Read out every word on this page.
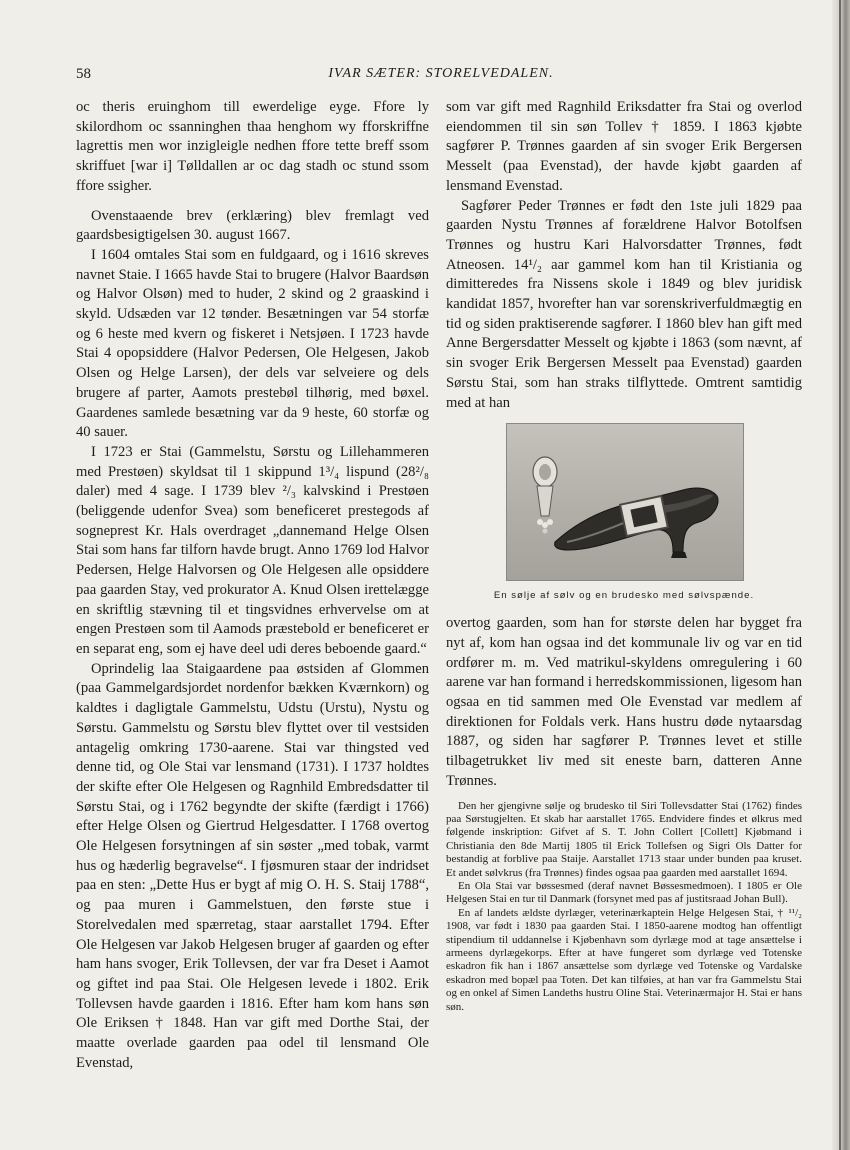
58	IVAR SÆTER: STORELVEDALEN.

oc theris eruinghom till ewerdelige eyge. Ffore ly skilordhom oc ssanninghen thaa henghom wy fforskriffne lagrettis men wor inzigleigle nedhen ffore tette breff ssom skriffuet [war i] Tølldallen ar oc dag stadh oc stund ssom ffore ssigher.

Ovenstaaende brev (erklæring) blev fremlagt ved gaardsbesigtigelsen 30. august 1667.

I 1604 omtales Stai som en fuldgaard, og i 1616 skreves navnet Staie. I 1665 havde Stai to brugere (Halvor Baardsøn og Halvor Olsøn) med to huder, 2 skind og 2 graaskind i skyld. Udsæden var 12 tønder. Besætningen var 54 storfæ og 6 heste med kvern og fiskeret i Netsjøen. I 1723 havde Stai 4 opopsiddere (Halvor Pedersen, Ole Helgesen, Jakob Olsen og Helge Larsen), der dels var selveiere og dels brugere af parter, Aamots prestebøl tilhørig, med bøxel. Gaardenes samlede besætning var da 9 heste, 60 storfæ og 40 sauer.

I 1723 er Stai (Gammelstu, Sørstu og Lillehammeren med Prestøen) skyldsat til 1 skippund 1³/₄ lispund (28²/₈ daler) med 4 sage. I 1739 blev ²/₃ kalvskind i Prestøen (beliggende udenfor Svea) som beneficeret prestegods af sogneprest Kr. Hals overdraget „dannemand Helge Olsen Stai som hans far tilforn havde brugt. Anno 1769 lod Halvor Pedersen, Helge Halvorsen og Ole Helgesen alle opsiddere paa gaarden Stay, ved prokurator A. Knud Olsen irettelægge en skriftlig stævning til et tingsvidnes erhvervelse om at engen Prestøen som til Aamods præstebold er beneficeret er en separat eng, som ej have deel udi deres beboende gaard.“

Oprindelig laa Staigaardene paa østsiden af Glommen (paa Gammelgardsjordet nordenfor bækken Kværnkorn) og kaldtes i dagligtale Gammelstu, Udstu (Urstu), Nystu og Sørstu. Gammelstu og Sørstu blev flyttet over til vestsiden antagelig omkring 1730-aarene. Stai var thingsted ved denne tid, og Ole Stai var lensmand (1731). I 1737 holdtes der skifte efter Ole Helgesen og Ragnhild Embredsdatter til Sørstu Stai, og i 1762 begyndte der skifte (færdigt i 1766) efter Helge Olsen og Giertrud Helgesdatter. I 1768 overtog Ole Helgesen forsytningen af sin søster „med tobak, varmt hus og hæderlig begravelse“. I fjøsmuren staar der indridset paa en sten: „Dette Hus er bygt af mig O. H. S. Staij 1788“, og paa muren i Gammelstuen, den første stue i Storelvedalen med spærretag, staar aarstallet 1794. Efter Ole Helgesen var Jakob Helgesen bruger af gaarden og efter ham hans svoger, Erik Tollevsen, der var fra Deset i Aamot og giftet ind paa Stai. Ole Helgesen levede i 1802. Erik Tollevsen havde gaarden i 1816. Efter ham kom hans søn Ole Eriksen † 1848. Han var gift med Dorthe Stai, der maatte overlade gaarden paa odel til lensmand Ole Evenstad,

som var gift med Ragnhild Eriksdatter fra Stai og overlod eiendommen til sin søn Tollev † 1859. I 1863 kjøbte sagfører P. Trønnes gaarden af sin svoger Erik Bergersen Messelt (paa Evenstad), der havde kjøbt gaarden af lensmand Evenstad.

Sagfører Peder Trønnes er født den 1ste juli 1829 paa gaarden Nystu Trønnes af forældrene Halvor Botolfsen Trønnes og hustru Kari Halvorsdatter Trønnes, født Atneosen. 14¹/₂ aar gammel kom han til Kristiania og dimitteredes fra Nissens skole i 1849 og blev juridisk kandidat 1857, hvorefter han var sorenskriverfuldmægtig en tid og siden praktiserende sagfører. I 1860 blev han gift med Anne Bergersdatter Messelt og kjøbte i 1863 (som nævnt, af sin svoger Erik Bergersen Messelt paa Evenstad) gaarden Sørstu Stai, som han straks tilflyttede. Omtrent samtidig med at han

En sølje af sølv og en brudesko med sølvspænde.

overtog gaarden, som han for største delen har bygget fra nyt af, kom han ogsaa ind det kommunale liv og var en tid ordfører m. m. Ved matrikul-skyldens omregulering i 60 aarene var han formand i herredskommissionen, ligesom han ogsaa en tid sammen med Ole Evenstad var medlem af direktionen for Foldals verk. Hans hustru døde nytaarsdag 1887, og siden har sagfører P. Trønnes levet et stille tilbagetrukket liv med sit eneste barn, datteren Anne Trønnes.

Den her gjengivne sølje og brudesko til Siri Tollevsdatter Stai (1762) findes paa Sørstugjelten. Et skab har aarstallet 1765. Endvidere findes et ølkrus med følgende inskription: Gifvet af S. T. John Collert [Collett] Kjøbmand i Christiania den 8de Martij 1805 til Erick Tollefsen og Sigri Ols Datter for bestandig at forblive paa Staije. Aarstallet 1713 staar under bunden paa kruset. Et andet sølvkrus (fra Trønnes) findes ogsaa paa gaarden med aarstallet 1694.

En Ola Stai var bøssesmed (deraf navnet Bøssesmedmoen). I 1805 er Ole Helgesen Stai en tur til Danmark (forsynet med pas af justitsraad Johan Bull).

En af landets ældste dyrlæger, veterinærkaptein Helge Helgesen Stai, † ¹¹/₂ 1908, var født i 1830 paa gaarden Stai. I 1850-aarene modtog han offentligt stipendium til uddannelse i Kjøbenhavn som dyrlæge mod at tage ansættelse i armeens dyrlægekorps. Efter at have fungeret som dyrlæge ved Totenske eskadron fik han i 1867 ansættelse som dyrlæge ved Totenske og Vardalske eskadron med bopæl paa Toten. Det kan tilføies, at han var fra Gammelstu Stai og en onkel af Simen Landeths hustru Oline Stai. Veterinærmajor H. Stai er hans søn.
